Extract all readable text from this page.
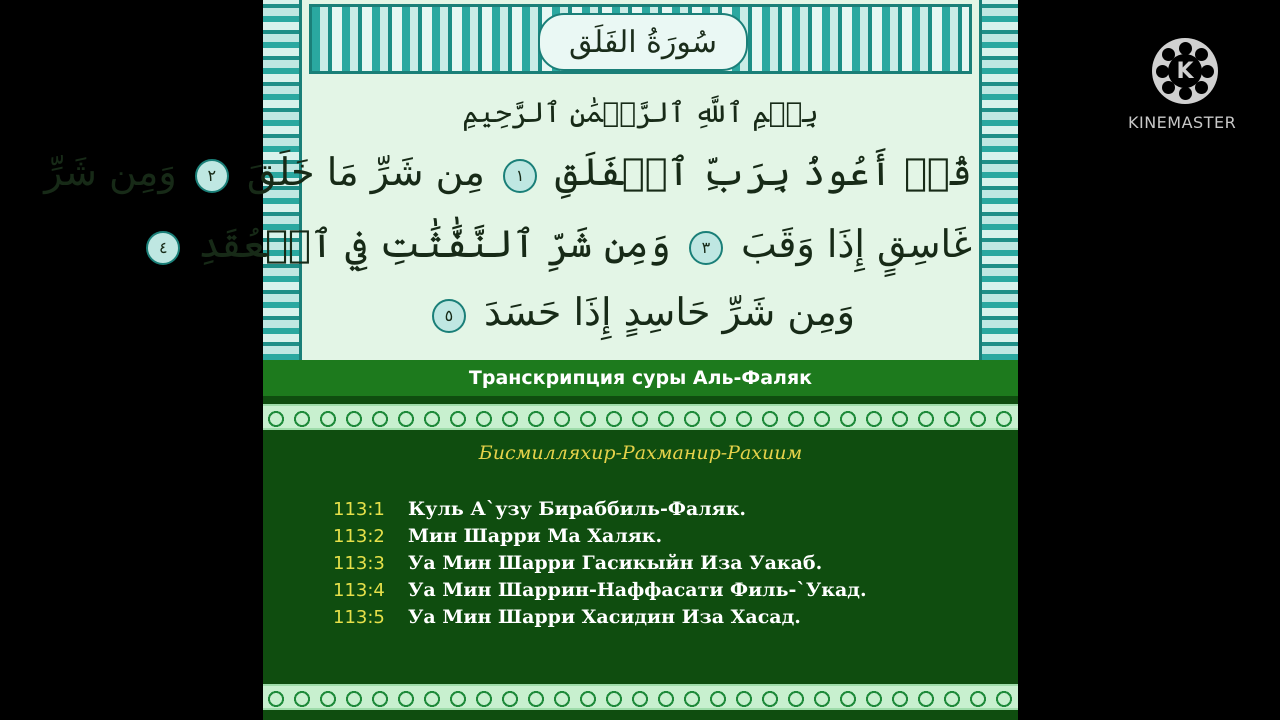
سُورَةُ الفَلَق
بِسۡمِ ٱللَّهِ ٱلرَّحۡمَٰنِ ٱلرَّحِيمِ
قُلۡ أَعُوذُ بِرَبِّ ٱلۡفَلَقِ ١ مِن شَرِّ مَا خَلَقَ ٢ وَمِن شَرِّ
غَاسِقٍ إِذَا وَقَبَ ٣ وَمِن شَرِّ ٱلنَّفَّٰثَٰتِ فِي ٱلۡعُقَدِ ٤
وَمِن شَرِّ حَاسِدٍ إِذَا حَسَدَ ٥
Транскрипция суры Аль-Фаляк
Бисмилляхир-Рахманир-Рахиим
113:1	Куль А`узу Бираббиль-Фаляк.
113:2	Мин Шарри Ма Халяк.
113:3	Уа Мин Шарри Гасикыйн Иза Уакаб.
113:4	Уа Мин Шаррин-Наффасати Филь-`Укад.
113:5	Уа Мин Шарри Хасидин Иза Хасад.
K
KINEMASTER
